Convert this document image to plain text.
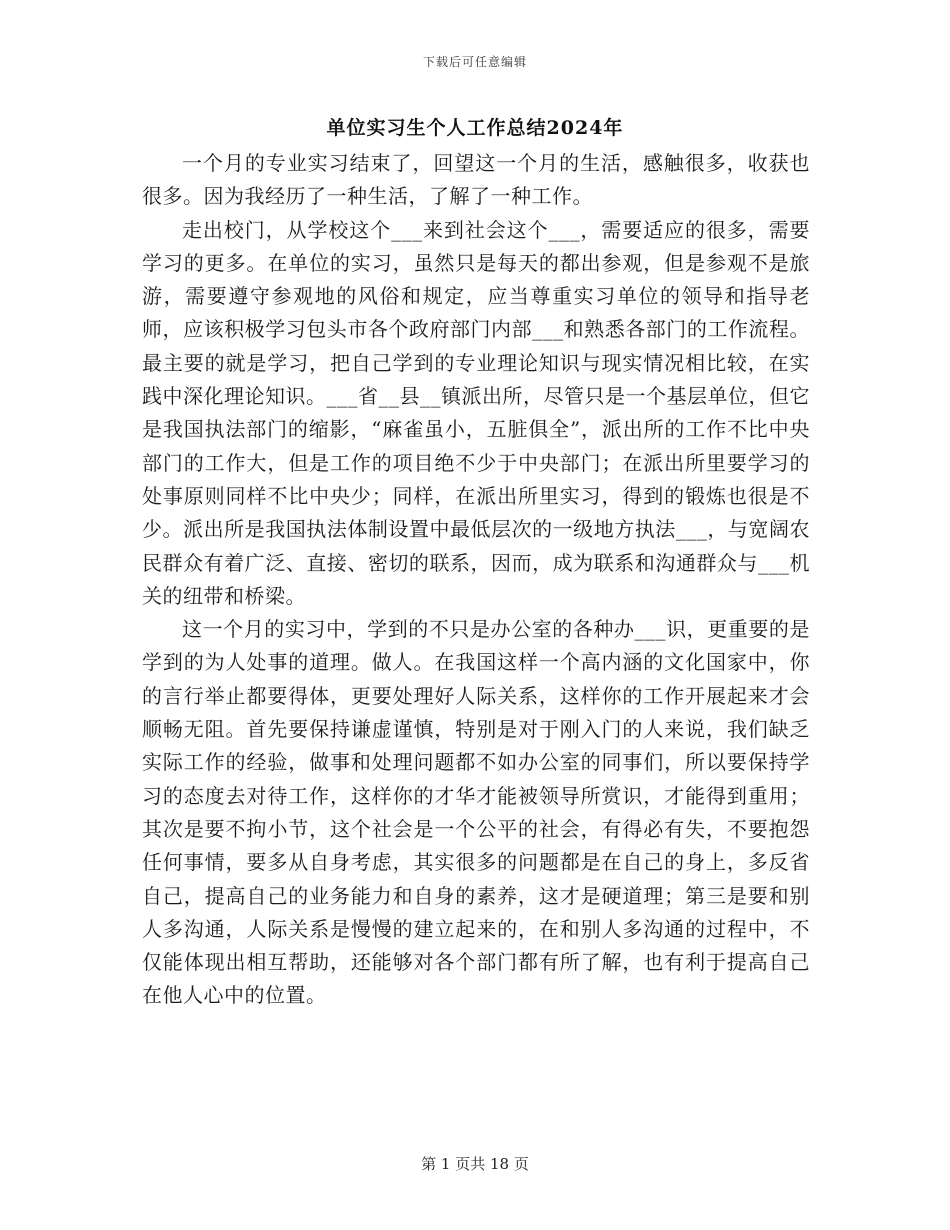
下载后可任意编辑
单位实习生个人工作总结2024年

一个月的专业实习结束了，回望这一个月的生活，感触很多，收获也很多。因为我经历了一种生活，了解了一种工作。

走出校门，从学校这个___来到社会这个___，需要适应的很多，需要学习的更多。在单位的实习，虽然只是每天的都出参观，但是参观不是旅游，需要遵守参观地的风俗和规定，应当尊重实习单位的领导和指导老师，应该积极学习包头市各个政府部门内部___和熟悉各部门的工作流程。最主要的就是学习，把自己学到的专业理论知识与现实情况相比较，在实践中深化理论知识。___省__县__镇派出所，尽管只是一个基层单位，但它是我国执法部门的缩影，“麻雀虽小，五脏俱全”，派出所的工作不比中央部门的工作大，但是工作的项目绝不少于中央部门；在派出所里要学习的处事原则同样不比中央少；同样，在派出所里实习，得到的锻炼也很是不少。派出所是我国执法体制设置中最低层次的一级地方执法___，与宽阔农民群众有着广泛、直接、密切的联系，因而，成为联系和沟通群众与___机关的纽带和桥梁。

这一个月的实习中，学到的不只是办公室的各种办___识，更重要的是学到的为人处事的道理。做人。在我国这样一个高内涵的文化国家中，你的言行举止都要得体，更要处理好人际关系，这样你的工作开展起来才会顺畅无阻。首先要保持谦虚谨慎，特别是对于刚入门的人来说，我们缺乏实际工作的经验，做事和处理问题都不如办公室的同事们，所以要保持学习的态度去对待工作，这样你的才华才能被领导所赏识，才能得到重用；其次是要不拘小节，这个社会是一个公平的社会，有得必有失，不要抱怨任何事情，要多从自身考虑，其实很多的问题都是在自己的身上，多反省自己，提高自己的业务能力和自身的素养，这才是硬道理；第三是要和别人多沟通，人际关系是慢慢的建立起来的，在和别人多沟通的过程中，不仅能体现出相互帮助，还能够对各个部门都有所了解，也有利于提高自己在他人心中的位置。

第 1 页共 18 页
